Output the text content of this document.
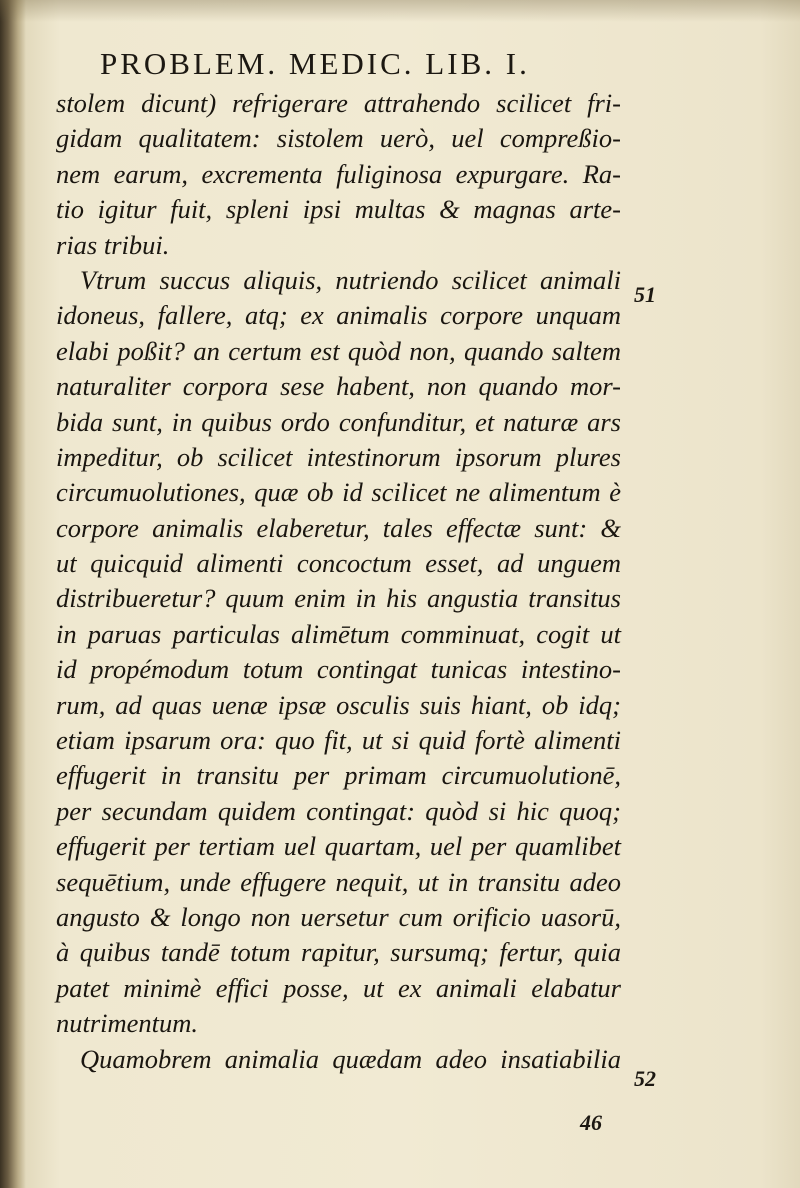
PROBLEM. MEDIC. LIB. I.
stolem dicunt) refrigerare attrahendo scilicet fri-
gidam qualitatem: sistolem uerò, uel compreßio-
nem earum, excrementa fuliginosa expurgare. Ra-
tio igitur fuit, spleni ipsi multas & magnas arte-
rias tribui.
Vtrum succus aliquis, nutriendo scilicet animali
idoneus, fallere, atq; ex animalis corpore unquam
elabi poßit? an certum est quòd non, quando saltem
naturaliter corpora sese habent, non quando mor-
bida sunt, in quibus ordo confunditur, et naturæ ars
impeditur, ob scilicet intestinorum ipsorum plures
circumuolutiones, quæ ob id scilicet ne alimentum è
corpore animalis elaberetur, tales effectæ sunt: &
ut quicquid alimenti concoctum esset, ad unguem
distribueretur? quum enim in his angustia transitus
in paruas particulas alimētum comminuat, cogit ut
id propémodum totum contingat tunicas intestino-
rum, ad quas uenæ ipsæ osculis suis hiant, ob idq;
etiam ipsarum ora: quo fit, ut si quid fortè alimenti
effugerit in transitu per primam circumuolutionē,
per secundam quidem contingat: quòd si hic quoq;
effugerit per tertiam uel quartam, uel per quamlibet
sequētium, unde effugere nequit, ut in transitu adeo
angusto & longo non uersetur cum orificio uasorū,
à quibus tandē totum rapitur, sursumq; fertur, quia
patet minimè effici posse, ut ex animali elabatur
nutrimentum.
Quamobrem animalia quædam adeo insatiabilia
51
52
46
